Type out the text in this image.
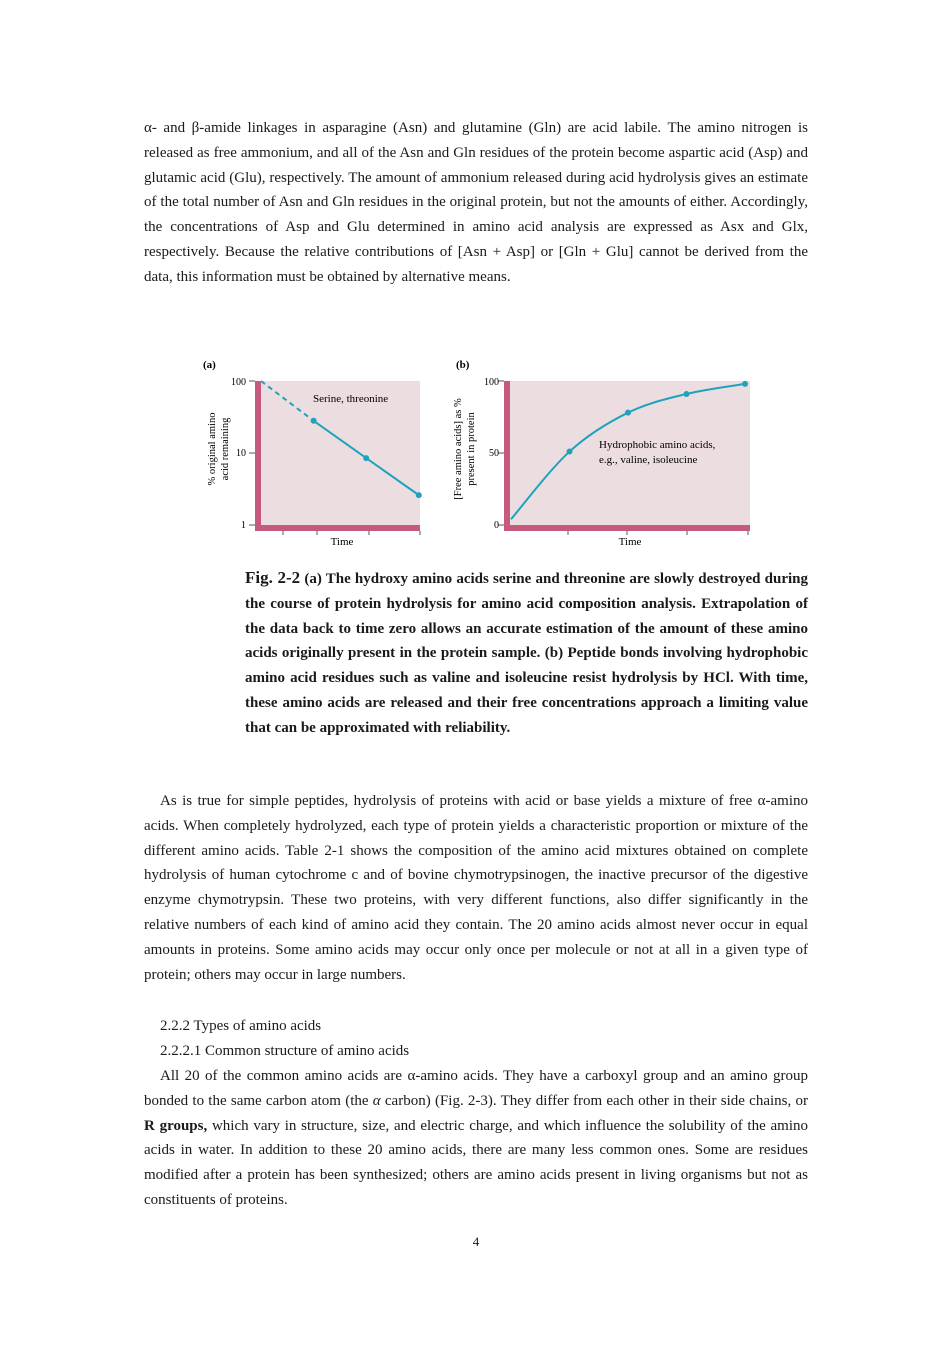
α- and β-amide linkages in asparagine (Asn) and glutamine (Gln) are acid labile. The amino nitrogen is released as free ammonium, and all of the Asn and Gln residues of the protein become aspartic acid (Asp) and glutamic acid (Glu), respectively. The amount of ammonium released during acid hydrolysis gives an estimate of the total number of Asn and Gln residues in the original protein, but not the amounts of either. Accordingly, the concentrations of Asp and Glu determined in amino acid analysis are expressed as Asx and Glx, respectively. Because the relative contributions of [Asn + Asp] or [Gln + Glu] cannot be derived from the data, this information must be obtained by alternative means.

(a)
100
10
1
% original amino acid remaining
Time
Serine, threonine
(b)
100
50
0
[Free amino acids] as % present in protein
Time
Hydrophobic amino acids,
e.g., valine, isoleucine

Fig. 2-2 (a) The hydroxy amino acids serine and threonine are slowly destroyed during the course of protein hydrolysis for amino acid composition analysis. Extrapolation of the data back to time zero allows an accurate estimation of the amount of these amino acids originally present in the protein sample. (b) Peptide bonds involving hydrophobic amino acid residues such as valine and isoleucine resist hydrolysis by HCl. With time, these amino acids are released and their free concentrations approach a limiting value that can be approximated with reliability.

As is true for simple peptides, hydrolysis of proteins with acid or base yields a mixture of free α-amino acids. When completely hydrolyzed, each type of protein yields a characteristic proportion or mixture of the different amino acids. Table 2-1 shows the composition of the amino acid mixtures obtained on complete hydrolysis of human cytochrome c and of bovine chymotrypsinogen, the inactive precursor of the digestive enzyme chymotrypsin. These two proteins, with very different functions, also differ significantly in the relative numbers of each kind of amino acid they contain. The 20 amino acids almost never occur in equal amounts in proteins. Some amino acids may occur only once per molecule or not at all in a given type of protein; others may occur in large numbers.

2.2.2 Types of amino acids

2.2.2.1 Common structure of amino acids

All 20 of the common amino acids are α-amino acids. They have a carboxyl group and an amino group bonded to the same carbon atom (the α carbon) (Fig. 2-3). They differ from each other in their side chains, or R groups, which vary in structure, size, and electric charge, and which influence the solubility of the amino acids in water. In addition to these 20 amino acids, there are many less common ones. Some are residues modified after a protein has been synthesized; others are amino acids present in living organisms but not as constituents of proteins.

4
